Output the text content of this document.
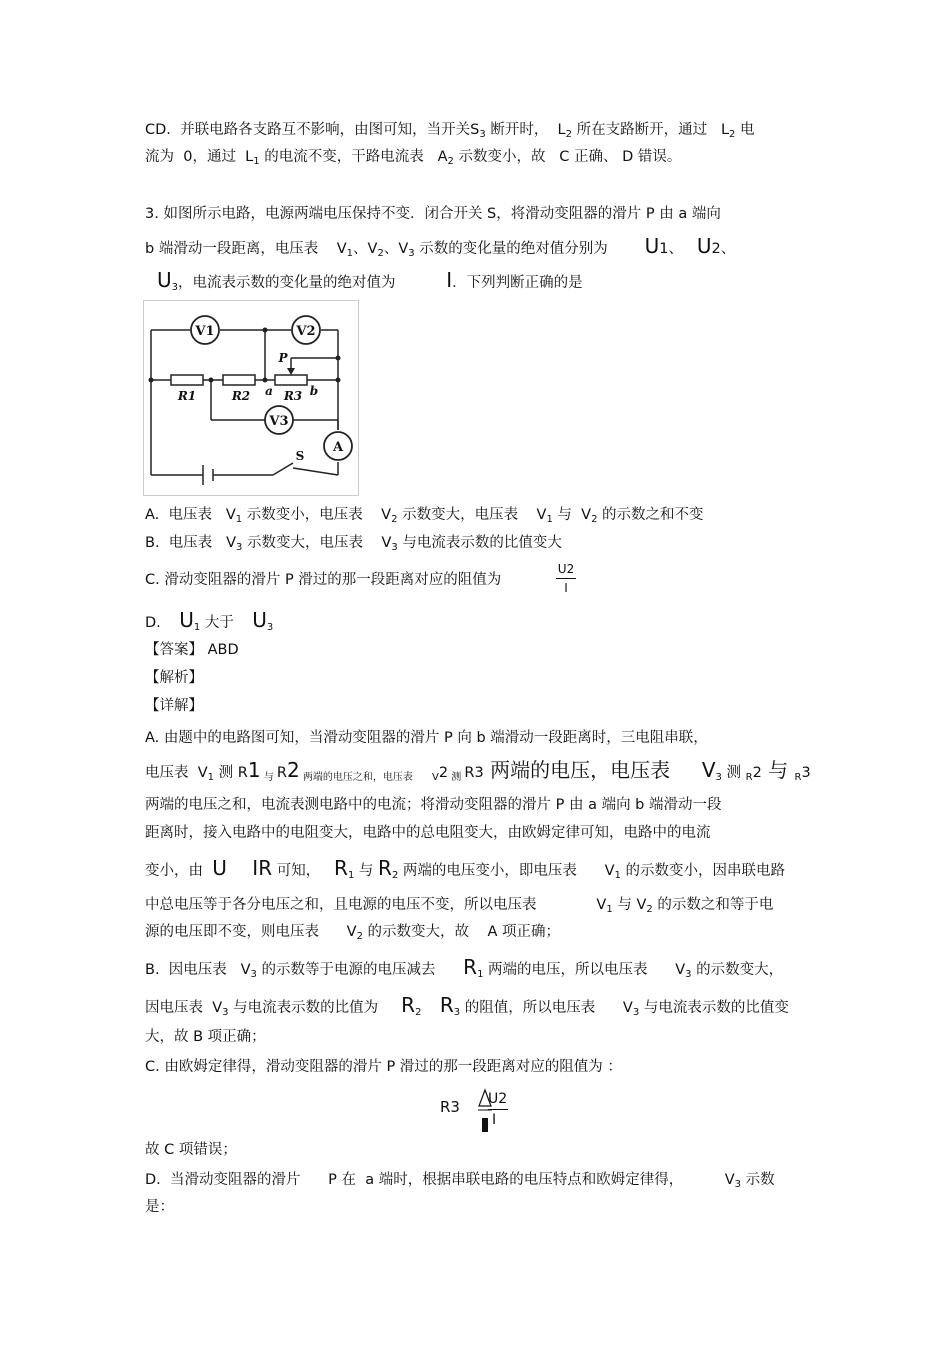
CD.  并联电路各支路互不影响，由图可知，当开关$S_3$ 断开时，  $L_2$ 所在支路断开，通过   $L_2$ 电
流为  0，通过  $L_1$ 的电流不变，干路电流表   $A_2$ 示数变小，故   C 正确、 D 错误。
3. 如图所示电路，电源两端电压保持不变．闭合开关 S，将滑动变阻器的滑片 P 由 a 端向
b 端滑动一段距离，电压表    $V_1$、$V_2$、$V_3$ 示数的变化量的绝对值分别为        U1、   U2、
$U_3$，电流表示数的变化量的绝对值为           I．下列判断正确的是
V1	V2
V3
A
R1	R2	R3
P
a	b
S
A.  电压表   $V_1$ 示数变小，电压表    $V_2$ 示数变大，电压表    $V_1$ 与  $V_2$ 的示数之和不变
B.  电压表   $V_3$ 示数变大，电压表    $V_3$ 与电流表示数的比值变大
C. 滑动变阻器的滑片 P 滑过的那一段距离对应的阻值为
U2
I
D.    $U_1$ 大于    $U_3$
【答案】 ABD
【解析】
【详解】
A. 由题中的电路图可知，当滑动变阻器的滑片 P 向 b 端滑动一段距离时，三电阻串联，
电压表  $V_1$ 测 R1 $_与$ R2 $_{两端的电压之和,电压表 V}$2 $_测$ R3 两端的电压，电压表     $V_3$ 测 $_R$2 与 $_R$3
两端的电压之和，电流表测电路中的电流；将滑动变阻器的滑片 P 由 a 端向 b 端滑动一段
距离时，接入电路中的电阻变大，电路中的总电阻变大，由欧姆定律可知，电路中的电流
变小，由  U    IR 可知，   $R_1$ 与 $R_2$ 两端的电压变小，即电压表      $V_1$ 的示数变小，因串联电路
中总电压等于各分电压之和，且电源的电压不变，所以电压表             $V_1$ 与 $V_2$ 的示数之和等于电
源的电压即不变，则电压表      $V_2$ 的示数变大，故    A 项正确；
B.  因电压表   $V_3$ 的示数等于电源的电压减去      $R_1$ 两端的电压，所以电压表      $V_3$ 的示数变大，
因电压表  $V_3$ 与电流表示数的比值为     $R_2$ $R_3$ 的阻值，所以电压表      $V_3$ 与电流表示数的比值变
大，故 B 项正确；
C. 由欧姆定律得，滑动变阻器的滑片 P 滑过的那一段距离对应的阻值为 ：
R3 U2
I
故 C 项错误；
D.  当滑动变阻器的滑片      P 在  a 端时，根据串联电路的电压特点和欧姆定律得，         $V_3$ 示数
是：
